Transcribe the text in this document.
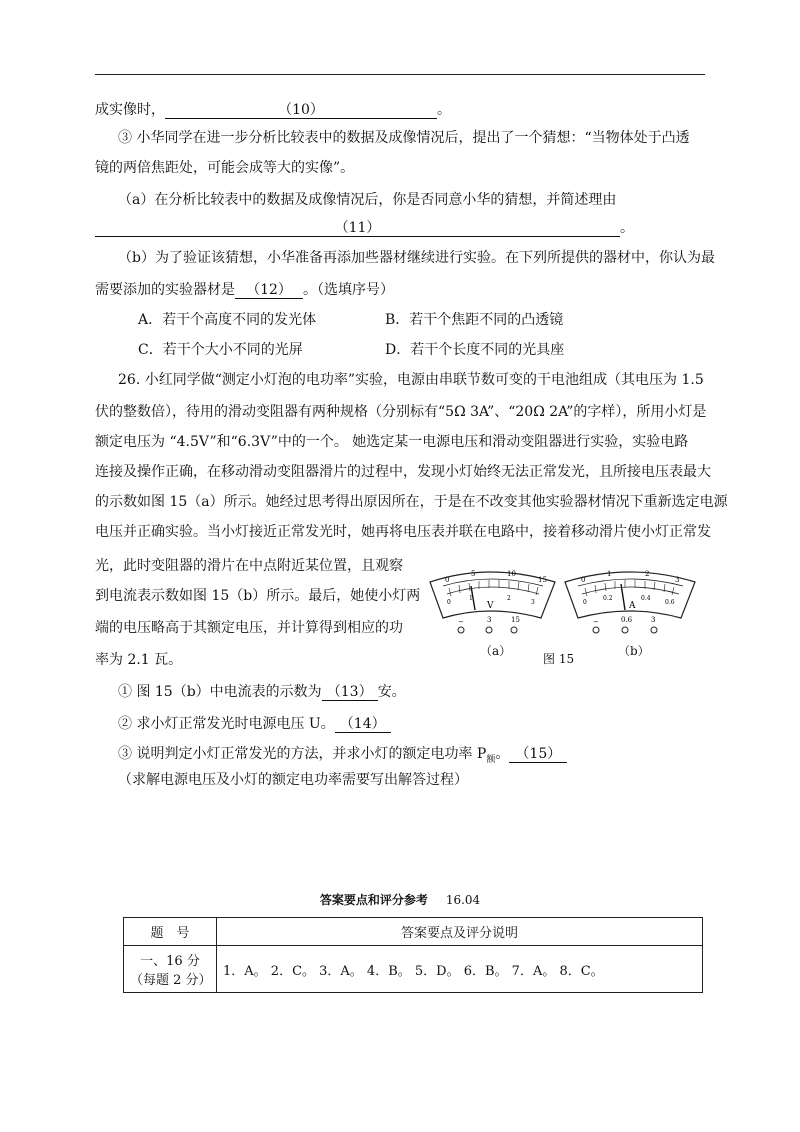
成实像时，	（10）	。
③ 小华同学在进一步分析比较表中的数据及成像情况后，提出了一个猜想：“当物体处于凸透
镜的两倍焦距处，可能会成等大的实像”。
（a）在分析比较表中的数据及成像情况后，你是否同意小华的猜想，并简述理由
（11）	。
（b）为了验证该猜想，小华准备再添加些器材继续进行实验。在下列所提供的器材中，你认为最
需要添加的实验器材是 （12） 。（选填序号）
A．若干个高度不同的发光体	B．若干个焦距不同的凸透镜
C．若干个大小不同的光屏	D．若干个长度不同的光具座
26. 小红同学做“测定小灯泡的电功率”实验，电源由串联节数可变的干电池组成（其电压为 1.5
伏的整数倍），待用的滑动变阻器有两种规格（分别标有“5Ω 3A”、“20Ω 2A”的字样），所用小灯是
额定电压为 “4.5V”和“6.3V”中的一个。 她选定某一电源电压和滑动变阻器进行实验，实验电路
连接及操作正确，在移动滑动变阻器滑片的过程中，发现小灯始终无法正常发光，且所接电压表最大
的示数如图 15（a）所示。她经过思考得出原因所在，于是在不改变其他实验器材情况下重新选定电源
电压并正确实验。当小灯接近正常发光时，她再将电压表并联在电路中，接着移动滑片使小灯正常发
光，此时变阻器的滑片在中点附近某位置，且观察
到电流表示数如图 15（b）所示。最后，她使小灯两
端的电压略高于其额定电压，并计算得到相应的功
率为 2.1 瓦。
0
5	10
15
0
1	2
3
V
−	3	15
0
1	2
3
0
0.2	0.4
0.6
A
−	0.6	3
（a）
图 15
（b）
① 图 15（b）中电流表的示数为 （13） 安。
② 求小灯正常发光时电源电压 U。 （14）
③ 说明判定小灯正常发光的方法，并求小灯的额定电功率 $P_额$。 （15）
（求解电源电压及小灯的额定电功率需要写出解答过程）
答案要点和评分参考 16.04
题　号	答案要点及评分说明

一、16 分
（每题 2 分）	1．A。 2．C。 3．A。 4．B。 5．D。 6．B。 7．A。 8．C。
